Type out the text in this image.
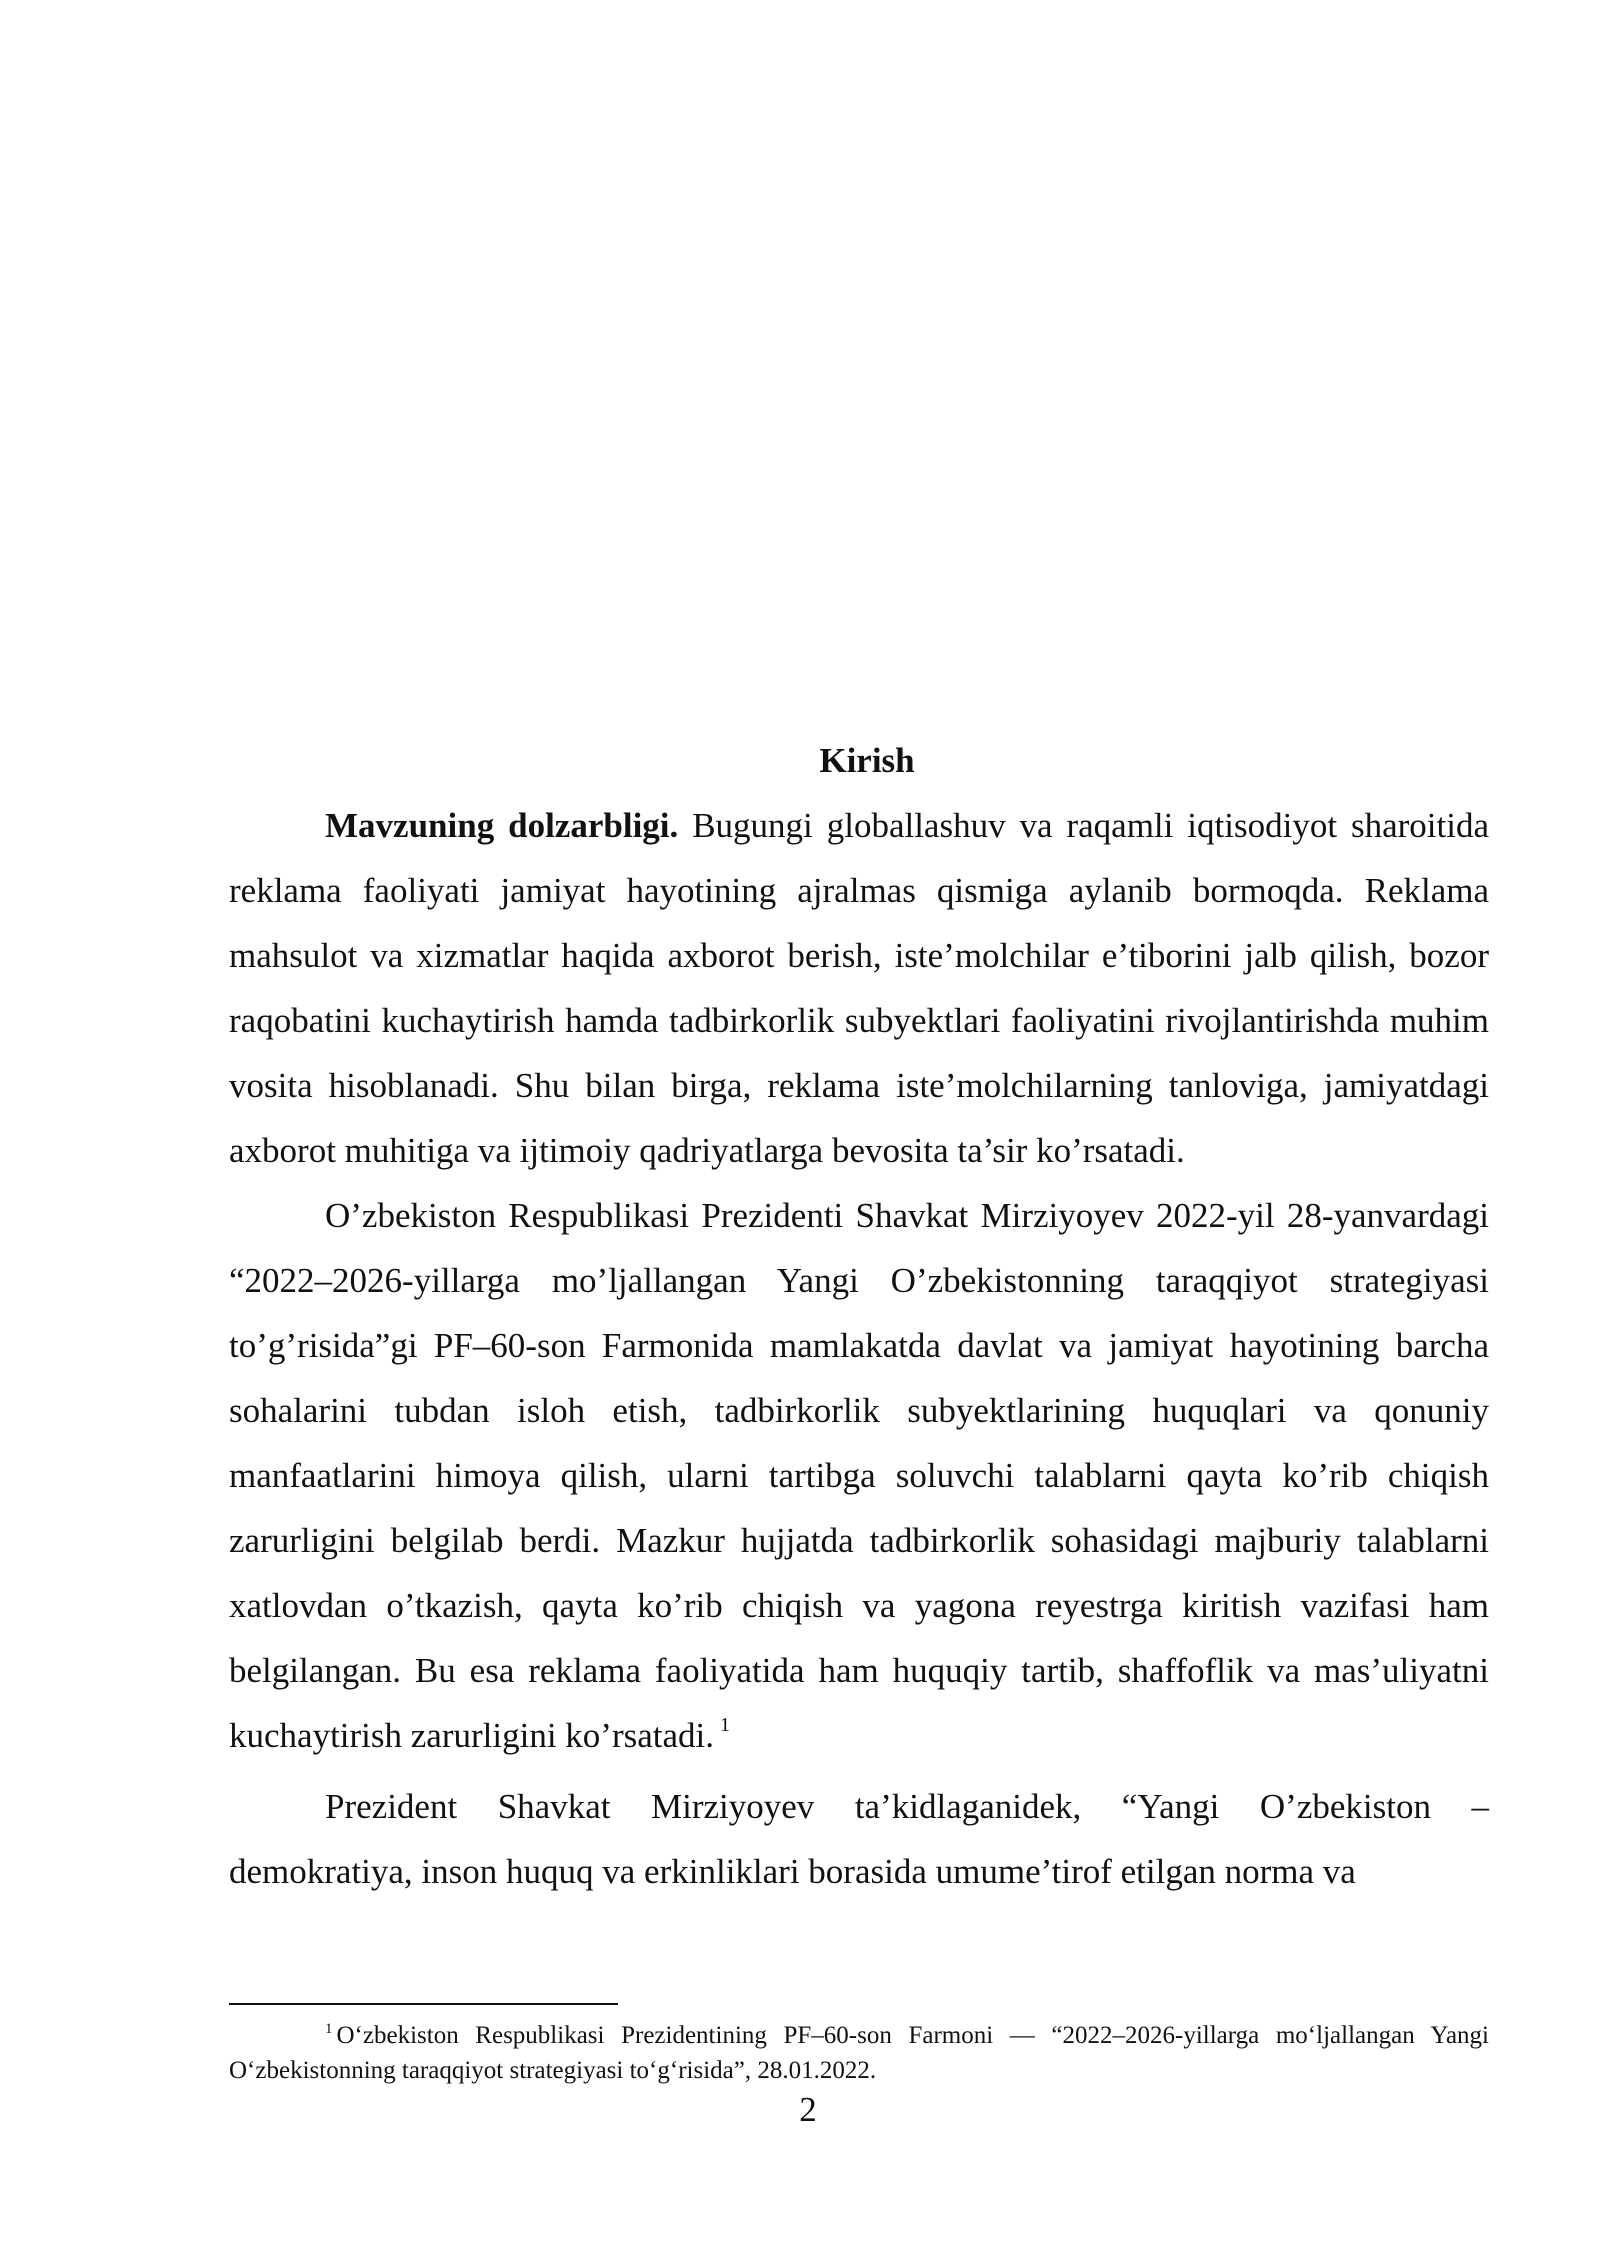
Kirish

Mavzuning dolzarbligi. Bugungi globallashuv va raqamli iqtisodiyot sharoitida reklama faoliyati jamiyat hayotining ajralmas qismiga aylanib bormoqda. Reklama mahsulot va xizmatlar haqida axborot berish, iste’molchilar e’tiborini jalb qilish, bozor raqobatini kuchaytirish hamda tadbirkorlik subyektlari faoliyatini rivojlantirishda muhim vosita hisoblanadi. Shu bilan birga, reklama iste’molchilarning tanloviga, jamiyatdagi axborot muhitiga va ijtimoiy qadriyatlarga bevosita ta’sir ko’rsatadi.

O’zbekiston Respublikasi Prezidenti Shavkat Mirziyoyev 2022-yil 28-yanvardagi “2022–2026-yillarga mo’ljallangan Yangi O’zbekistonning taraqqiyot strategiyasi to’g’risida”gi PF–60-son Farmonida mamlakatda davlat va jamiyat hayotining barcha sohalarini tubdan isloh etish, tadbirkorlik subyektlarining huquqlari va qonuniy manfaatlarini himoya qilish, ularni tartibga soluvchi talablarni qayta ko’rib chiqish zarurligini belgilab berdi. Mazkur hujjatda tadbirkorlik sohasidagi majburiy talablarni xatlovdan o’tkazish, qayta ko’rib chiqish va yagona reyestrga kiritish vazifasi ham belgilangan. Bu esa reklama faoliyatida ham huquqiy tartib, shaffoflik va mas’uliyatni kuchaytirish zarurligini ko’rsatadi. $^1$

Prezident Shavkat Mirziyoyev ta’kidlaganidek, “Yangi O’zbekiston – demokratiya, inson huquq va erkinliklari borasida umume’tirof etilgan norma va

$^1$ O‘zbekiston Respublikasi Prezidentining PF–60-son Farmoni — “2022–2026-yillarga mo‘ljallangan Yangi O‘zbekistonning taraqqiyot strategiyasi to‘g‘risida”, 28.01.2022.

2
